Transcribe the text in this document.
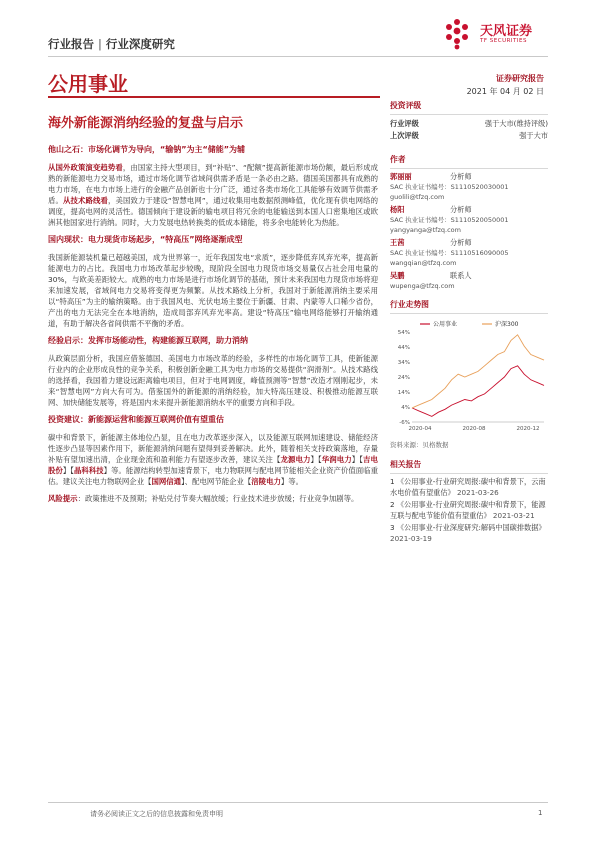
行业报告 | 行业深度研究
天风证券
TF SECURITIES
公用事业	证券研究报告
2021 年 04 月 02 日
海外新能源消纳经验的复盘与启示
他山之石：市场化调节为导向，“输钠”为主“储能”为辅

从国外政策演变趋势看，由国家主持大型项目，到“补贴”、“配额”提高新能源市场份额，最后形成成熟的新能源电力交易市场，通过市场化调节省域间供需矛盾是一条必由之路。德国美国都具有成熟的电力市场，在电力市场上进行的金融产品创新也十分广泛，通过各类市场化工具能够有效调节供需矛盾。从技术路线看，美国致力于建设“智慧电网”，通过收集用电数据预测峰值，优化现有供电网络的调度，提高电网的灵活性。德国倾向于建设新的输电项目将冗余的电能输送到本国人口密集地区或欧洲其他国家进行消纳。同时，大力发展电热转换类的低成本储能，将多余电能转化为热能。

国内现状：电力现货市场起步，“特高压”网络逐渐成型

我国新能源装机量已超越美国，成为世界第一，近年我国发电“求质”，逐步降低弃风弃光率，提高新能源电力的占比。我国电力市场改革起步较晚，现阶段全国电力现货市场交易量仅占社会用电量的 30%，与欧美差距较大。成熟的电力市场是进行市场化调节的基础，预计未来我国电力现货市场将迎来加速发展，省域间电力交易将变得更为频繁。从技术路线上分析，我国对于新能源消纳主要采用以“特高压”为主的输纳策略。由于我国风电、光伏电场主要位于新疆、甘肃、内蒙等人口稀少省份，产出的电力无法完全在本地消纳，造成局部弃风弃光率高。建设“特高压”输电网络能够打开输纳通道，有助于解决各省间供需不平衡的矛盾。

经验启示：发挥市场能动性，构建能源互联网，助力消纳

从政策层面分析，我国应借鉴德国、美国电力市场改革的经验，多样性的市场化调节工具，使新能源行业内的企业形成良性的竞争关系，积极创新金融工具为电力市场的交易提供“润滑剂”。从技术路线的选择看，我国着力建设远距离输电项目，但对于电网调度，峰值预测等“智慧”改造才刚刚起步，未来“智慧电网”方向大有可为。借鉴国外的新能源的消纳经验，加大特高压建设、积极推动能源互联网、加快储能发展等，将是国内未来提升新能源消纳水平的重要方向和手段。

投资建议：新能源运营和能源互联网价值有望重估

碳中和背景下，新能源主体地位凸显，且在电力改革逐步深入，以及能源互联网加速建设、储能经济性逐步凸显等因素作用下，新能源消纳问题有望得到妥善解决。此外，随着相关支持政策落地，存量补贴有望加速出清，企业现金流和盈利能力有望逐步改善，建议关注【龙源电力】【华润电力】【吉电股份】【晶科科技】等。能源结构转型加速背景下，电力物联网与配电网节能相关企业资产价值面临重估。建议关注电力物联网企业【国网信通】、配电网节能企业【涪陵电力】等。

风险提示：政策推进不及预期；补贴兑付节奏大幅放缓；行业技术进步放缓；行业竞争加剧等。

投资评级
行业评级	强于大市(维持评级)
上次评级	强于大市
作者
郭丽丽	分析师
SAC 执业证书编号：S1110520030001
guolili@tfzq.com
杨阳	分析师
SAC 执业证书编号：S1110520050001
yangyanga@tfzq.com
王茜	分析师
SAC 执业证书编号：S1110516090005
wangqian@tfzq.com
吴鹏	联系人
wupenga@tfzq.com
行业走势图
54%
44%
34%
24%
14%
4%
-6%
2020-04	2020-08	2020-12
公用事业	沪深300
资料来源：贝格数据
相关报告
1 《公用事业-行业研究周报:碳中和背景下，云南水电价值有望重估》 2021-03-26
2 《公用事业-行业研究周报:碳中和背景下，能源互联与配电节能价值有望重估》 2021-03-21
3 《公用事业-行业深度研究:解码中国碳排数据》 2021-03-19
请务必阅读正文之后的信息披露和免责申明	1
